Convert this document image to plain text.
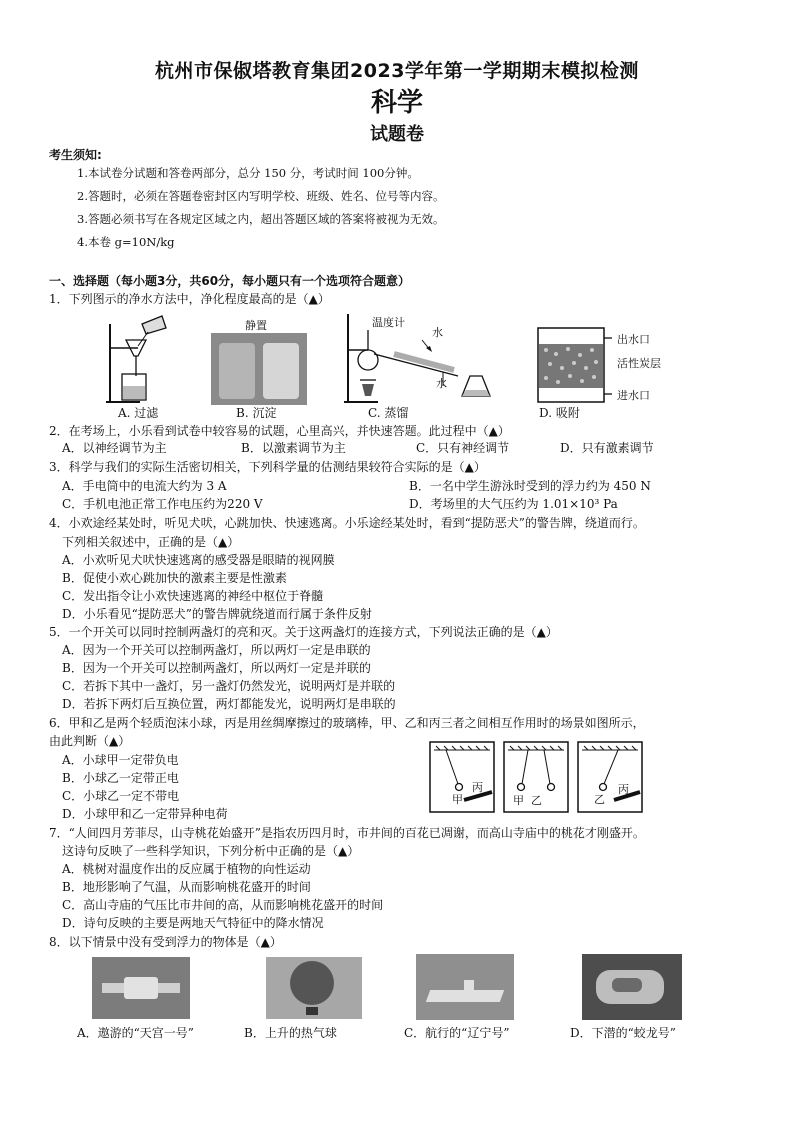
杭州市保俶塔教育集团2023学年第一学期期末模拟检测
科学
试题卷
考生须知:
1.本试卷分试题和答卷两部分，总分 150 分，考试时间 100分钟。
2.答题时，必须在答题卷密封区内写明学校、班级、姓名、位号等内容。
3.答题必须书写在各规定区域之内，超出答题区域的答案将被视为无效。
4.本卷 g=10N/kg
一、选择题（每小题3分，共60分，每小题只有一个选项符合题意）
1．下列图示的净水方法中，净化程度最高的是（▲）
A. 过滤
静置
B. 沉淀
温度计
水
水
C. 蒸馏
出水口
活性炭层
进水口
D. 吸附
2．在考场上，小乐看到试卷中较容易的试题，心里高兴，并快速答题。此过程中（▲）
A．以神经调节为主	B．以激素调节为主	C．只有神经调节	D．只有激素调节
3．科学与我们的实际生活密切相关，下列科学量的估测结果较符合实际的是（▲）
A．手电筒中的电流大约为 3 A	B．一名中学生游泳时受到的浮力约为 450 N
C．手机电池正常工作电压约为220 V	D．考场里的大气压约为 1.01×10³ Pa
4．小欢途经某处时，听见犬吠，心跳加快、快速逃离。小乐途经某处时，看到“提防恶犬”的警告牌，绕道而行。
下列相关叙述中，正确的是（▲）
A．小欢听见犬吠快速逃离的感受器是眼睛的视网膜
B．促使小欢心跳加快的激素主要是性激素
C．发出指令让小欢快速逃离的神经中枢位于脊髓
D．小乐看见“提防恶犬”的警告牌就绕道而行属于条件反射
5．一个开关可以同时控制两盏灯的亮和灭。关于这两盏灯的连接方式，下列说法正确的是（▲）
A．因为一个开关可以控制两盏灯，所以两灯一定是串联的
B．因为一个开关可以控制两盏灯，所以两灯一定是并联的
C．若拆下其中一盏灯，另一盏灯仍然发光，说明两灯是并联的
D．若拆下两灯后互换位置，两灯都能发光，说明两灯是串联的
6．甲和乙是两个轻质泡沫小球，丙是用丝绸摩擦过的玻璃棒，甲、乙和丙三者之间相互作用时的场景如图所示，
由此判断（▲）
A．小球甲一定带负电
B．小球乙一定带正电
C．小球乙一定不带电
D．小球甲和乙一定带异种电荷
甲
丙
甲 乙	乙
丙
7．“人间四月芳菲尽，山寺桃花始盛开”是指农历四月时，市井间的百花已凋谢，而高山寺庙中的桃花才刚盛开。
这诗句反映了一些科学知识，下列分析中正确的是（▲）
A．桃树对温度作出的反应属于植物的向性运动
B．地形影响了气温，从而影响桃花盛开的时间
C．高山寺庙的气压比市井间的高，从而影响桃花盛开的时间
D．诗句反映的主要是两地天气特征中的降水情况
8．以下情景中没有受到浮力的物体是（▲）
A．遨游的“天宫一号”	B．上升的热气球	C．航行的“辽宁号”	D．下潜的“蛟龙号”
